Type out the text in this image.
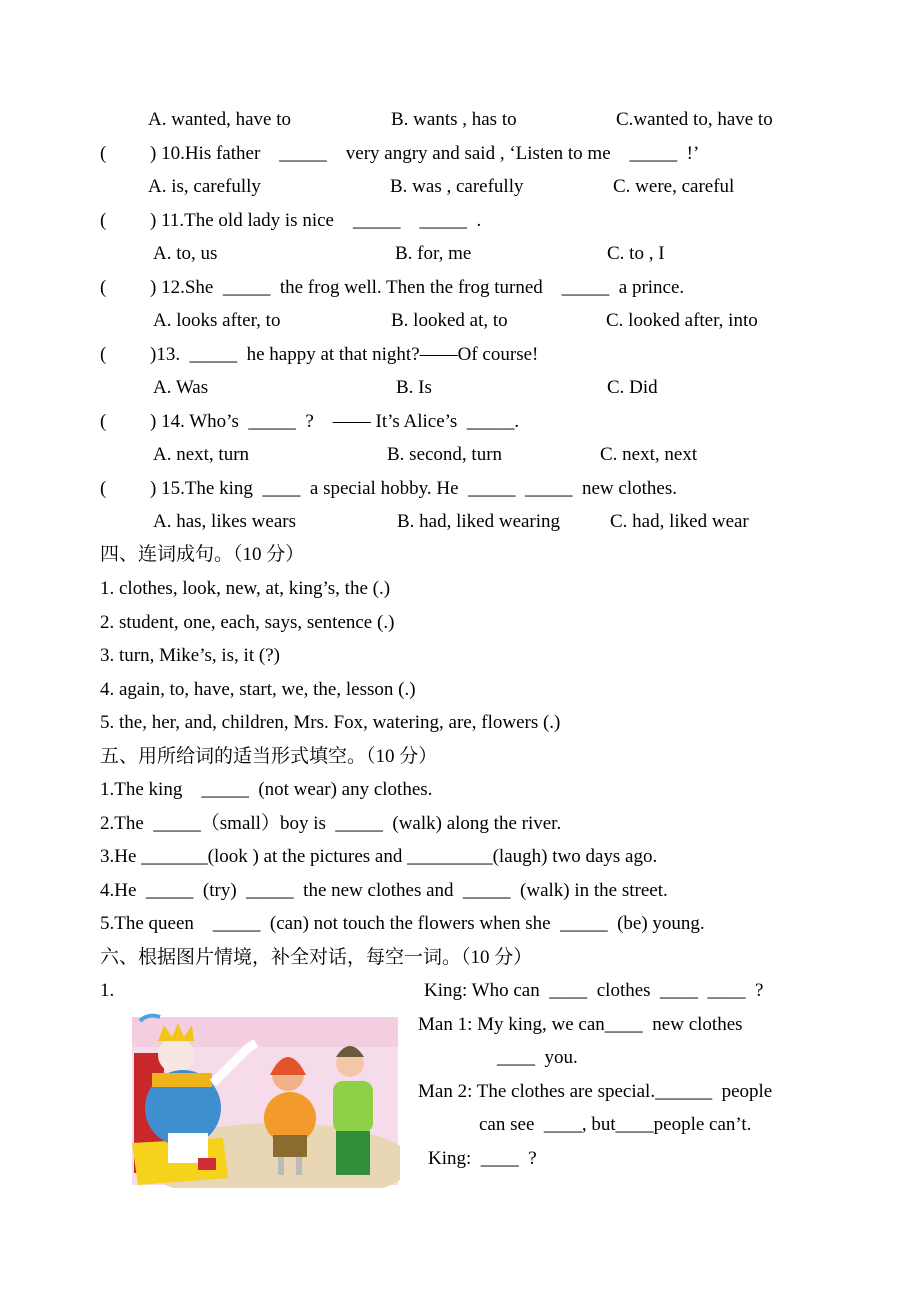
A. wanted, have to	B. wants , has to	C.wanted to, have to
( ) 10.His father    _____    very angry and said , ‘Listen to me    _____  !’
A. is, carefully	B. was , carefully	C. were, careful
( ) 11.The old lady is nice    _____    _____  .
A. to, us	B. for, me	C. to , I
( ) 12.She  _____  the frog well. Then the frog turned    _____  a prince.
A. looks after, to	B. looked at, to	C. looked after, into
( )13.  _____  he happy at that night?——Of course!
A. Was	B. Is	C. Did
( ) 14. Who’s  _____  ?    —— It’s Alice’s  _____.
A. next, turn	B. second, turn	C. next, next
( ) 15.The king  ____  a special hobby. He  _____  _____  new clothes.
A. has, likes wears	B. had, liked wearing	C. had, liked wear
四、连词成句。（10 分）
1. clothes, look, new, at, king’s, the (.)
2. student, one, each, says, sentence (.)
3. turn, Mike’s, is, it (?)
4. again, to, have, start, we, the, lesson (.)
5. the, her, and, children, Mrs. Fox, watering, are, flowers (.)
五、用所给词的适当形式填空。（10 分）
1.The king    _____  (not wear) any clothes.
2.The  _____（small）boy is  _____  (walk) along the river.
3.He _______(look ) at the pictures and _________(laugh) two days ago.
4.He  _____  (try)  _____  the new clothes and  _____  (walk) in the street.
5.The queen    _____  (can) not touch the flowers when she  _____  (be) young.
六、根据图片情境，补全对话，每空一词。（10 分）
1.	King: Who can  ____  clothes  ____  ____  ?
Man 1: My king, we can____  new clothes
____  you.
Man 2: The clothes are special.______  people
can see  ____, but____people can’t.
King:  ____  ?
